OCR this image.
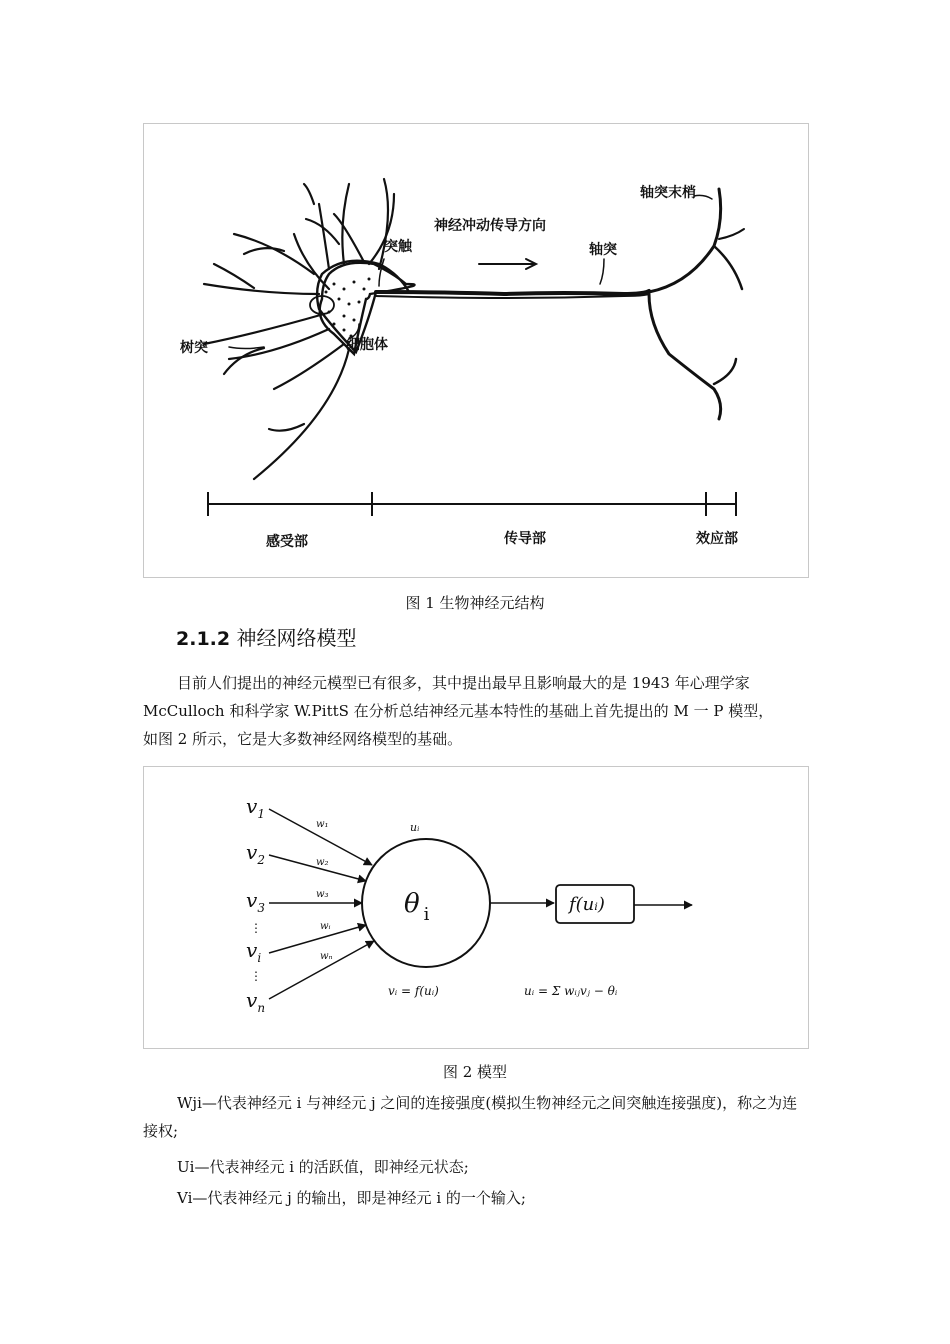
神经冲动传导方向
突触	轴突
轴突末梢
树突	细胞体
感受部	传导部	效应部
图 1 生物神经元结构
2.1.2 神经网络模型

目前人们提出的神经元模型已有很多，其中提出最早且影响最大的是 1943 年心理学家
McCulloch 和科学家 W.PittS 在分析总结神经元基本特性的基础上首先提出的 M 一 P 模型，
如图 2 所示，它是大多数神经网络模型的基础。

$v_1$
$v_2$
$v_3$
$v_i$
$v_n$
⋮
⋮
w₁
w₂
w₃
wᵢ
wₙ
uᵢ
θ $_i$	f(uᵢ)
vᵢ = f(uᵢ)	uᵢ = Σ wᵢⱼvⱼ − θᵢ
图 2 模型

Wji—代表神经元 i 与神经元 j 之间的连接强度(模拟生物神经元之间突触连接强度)，称之为连接权;

Ui—代表神经元 i 的活跃值，即神经元状态;

Vi—代表神经元 j 的输出，即是神经元 i 的一个输入;
